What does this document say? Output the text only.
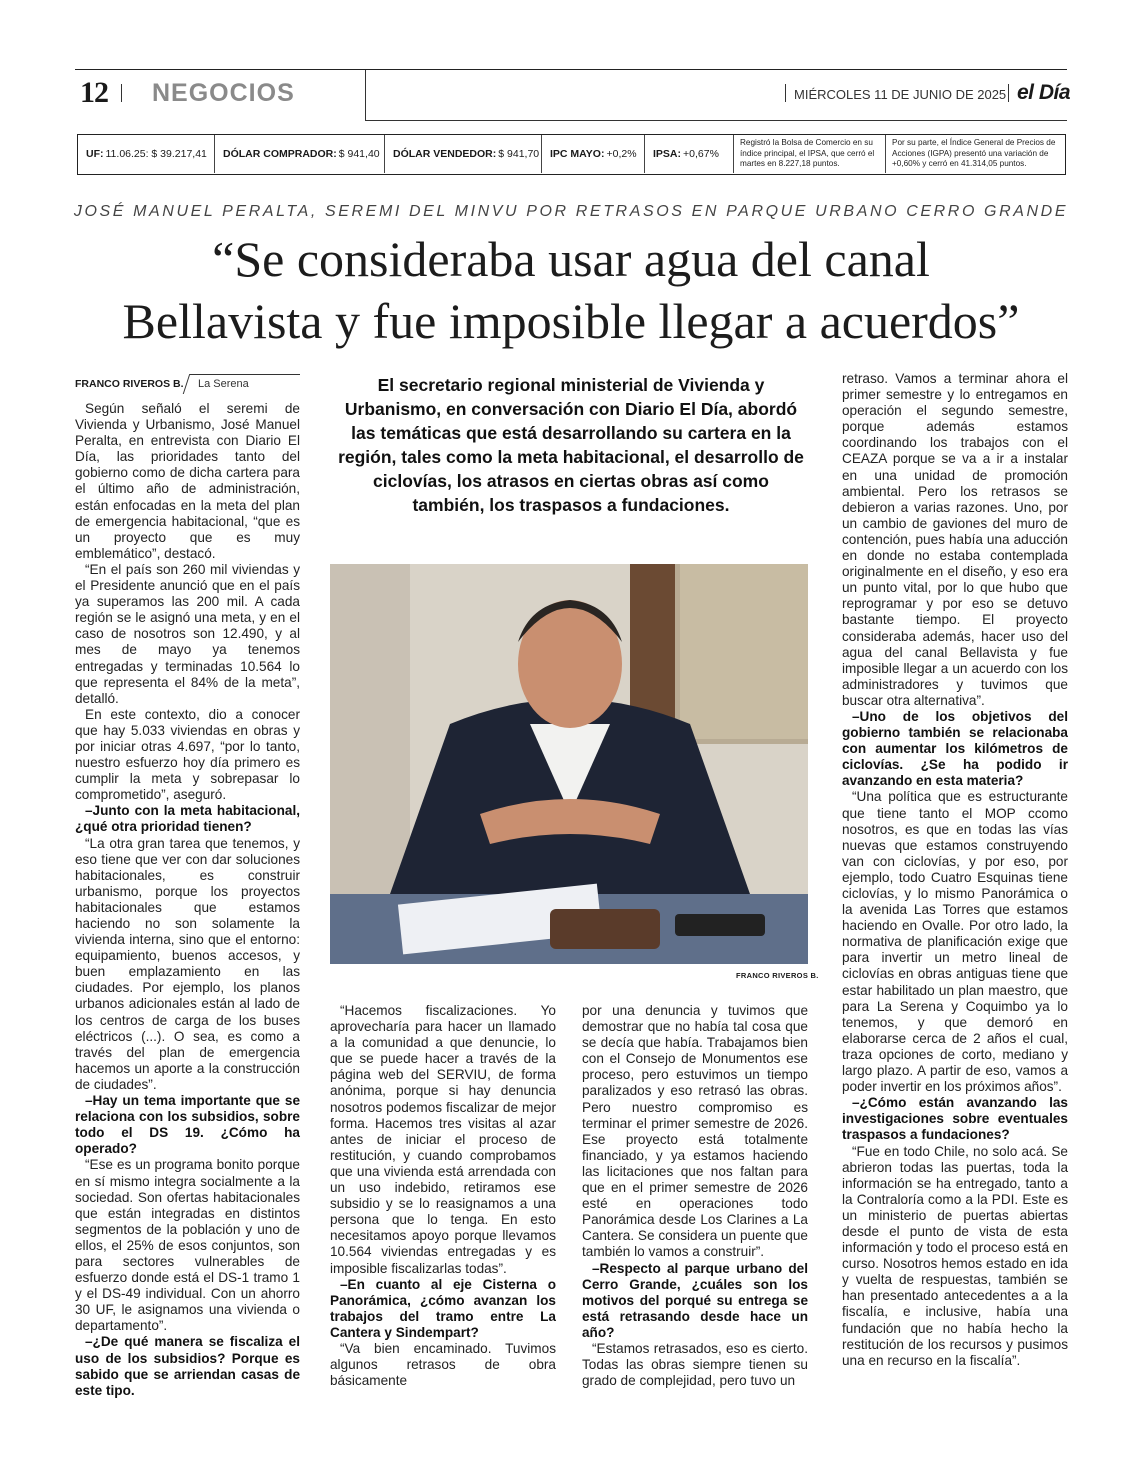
12 NEGOCIOS	MIÉRCOLES 11 DE JUNIO DE 2025 el Día
UF: 11.06.25: $ 39.217,41 DÓLAR COMPRADOR: $ 941,40 DÓLAR VENDEDOR: $ 941,70 IPC MAYO: +0,2% IPSA: +0,67%
Registró la Bolsa de Comercio en su índice principal, el IPSA, que cerró el martes en 8.227,18 puntos.
Por su parte, el Índice General de Precios de Acciones (IGPA) presentó una variación de +0,60% y cerró en 41.314,05 puntos.
JOSÉ MANUEL PERALTA, SEREMI DEL MINVU POR RETRASOS EN PARQUE URBANO CERRO GRANDE
“Se consideraba usar agua del canal
Bellavista y fue imposible llegar a acuerdos”
FRANCO RIVEROS B. La Serena	El secretario regional ministerial de Vivienda y Urbanismo, en conversación con Diario El Día, abordó las temáticas que está desarrollando su cartera en la región, tales como la meta habitacional, el desarrollo de ciclovías, los atrasos en ciertas obras así como también, los traspasos a fundaciones.
FRANCO RIVEROS B.

Según señaló el seremi de Vivienda y Urbanismo, José Manuel Peralta, en entrevista con Diario El Día, las prioridades tanto del gobierno como de dicha cartera para el último año de administración, están enfocadas en la meta del plan de emergencia habitacional, “que es un proyecto que es muy emblemático”, destacó.

“En el país son 260 mil viviendas y el Presidente anunció que en el país ya superamos las 200 mil. A cada región se le asignó una meta, y en el caso de nosotros son 12.490, y al mes de mayo ya tenemos entregadas y terminadas 10.564 lo que representa el 84% de la meta”, detalló.

En este contexto, dio a conocer que hay 5.033 viviendas en obras y por iniciar otras 4.697, “por lo tanto, nuestro esfuerzo hoy día primero es cumplir la meta y sobrepasar lo comprometido”, aseguró.

–Junto con la meta habitacional, ¿qué otra prioridad tienen?

“La otra gran tarea que tenemos, y eso tiene que ver con dar soluciones habitacionales, es construir urbanismo, porque los proyectos habitacionales que estamos haciendo no son solamente la vivienda interna, sino que el entorno: equipamiento, buenos accesos, y buen emplazamiento en las ciudades. Por ejemplo, los planos urbanos adicionales están al lado de los centros de carga de los buses eléctricos (...). O sea, es como a través del plan de emergencia hacemos un aporte a la construcción de ciudades”.

–Hay un tema importante que se relaciona con los subsidios, sobre todo el DS 19. ¿Cómo ha operado?

“Ese es un programa bonito porque en sí mismo integra socialmente a la sociedad. Son ofertas habitacionales que están integradas en distintos segmentos de la población y uno de ellos, el 25% de esos conjuntos, son para sectores vulnerables de esfuerzo donde está el DS-1 tramo 1 y el DS-49 individual. Con un ahorro 30 UF, le asignamos una vivienda o departamento”.

–¿De qué manera se fiscaliza el uso de los subsidios? Porque es sabido que se arriendan casas de este tipo.

“Hacemos fiscalizaciones. Yo aprovecharía para hacer un llamado a la comunidad a que denuncie, lo que se puede hacer a través de la página web del SERVIU, de forma anónima, porque si hay denuncia nosotros podemos fiscalizar de mejor forma. Hacemos tres visitas al azar antes de iniciar el proceso de restitución, y cuando comprobamos que una vivienda está arrendada con un uso indebido, retiramos ese subsidio y se lo reasignamos a una persona que lo tenga. En esto necesitamos apoyo porque llevamos 10.564 viviendas entregadas y es imposible fiscalizarlas todas”.

–En cuanto al eje Cisterna o Panorámica, ¿cómo avanzan los trabajos del tramo entre La Cantera y Sindempart?

“Va bien encaminado. Tuvimos algunos retrasos de obra básicamente

por una denuncia y tuvimos que demostrar que no había tal cosa que se decía que había. Trabajamos bien con el Consejo de Monumentos ese proceso, pero estuvimos un tiempo paralizados y eso retrasó las obras. Pero nuestro compromiso es terminar el primer semestre de 2026. Ese proyecto está totalmente financiado, y ya estamos haciendo las licitaciones que nos faltan para que en el primer semestre de 2026 esté en operaciones todo Panorámica desde Los Clarines a La Cantera. Se considera un puente que también lo vamos a construir”.

–Respecto al parque urbano del Cerro Grande, ¿cuáles son los motivos del porqué su entrega se está retrasando desde hace un año?

“Estamos retrasados, eso es cierto. Todas las obras siempre tienen su grado de complejidad, pero tuvo un

retraso. Vamos a terminar ahora el primer semestre y lo entregamos en operación el segundo semestre, porque además estamos coordinando los trabajos con el CEAZA porque se va a ir a instalar en una unidad de promoción ambiental. Pero los retrasos se debieron a varias razones. Uno, por un cambio de gaviones del muro de contención, pues había una aducción en donde no estaba contemplada originalmente en el diseño, y eso era un punto vital, por lo que hubo que reprogramar y por eso se detuvo bastante tiempo. El proyecto consideraba además, hacer uso del agua del canal Bellavista y fue imposible llegar a un acuerdo con los administradores y tuvimos que buscar otra alternativa”.

–Uno de los objetivos del gobierno también se relacionaba con aumentar los kilómetros de ciclovías. ¿Se ha podido ir avanzando en esta materia?

“Una política que es estructurante que tiene tanto el MOP ccomo nosotros, es que en todas las vías nuevas que estamos construyendo van con ciclovías, y por eso, por ejemplo, todo Cuatro Esquinas tiene ciclovías, y lo mismo Panorámica o la avenida Las Torres que estamos haciendo en Ovalle. Por otro lado, la normativa de planificación exige que para invertir un metro lineal de ciclovías en obras antiguas tiene que estar habilitado un plan maestro, que para La Serena y Coquimbo ya lo tenemos, y que demoró en elaborarse cerca de 2 años el cual, traza opciones de corto, mediano y largo plazo. A partir de eso, vamos a poder invertir en los próximos años”.

–¿Cómo están avanzando las investigaciones sobre eventuales traspasos a fundaciones?

“Fue en todo Chile, no solo acá. Se abrieron todas las puertas, toda la información se ha entregado, tanto a la Contraloría como a la PDI. Este es un ministerio de puertas abiertas desde el punto de vista de esta información y todo el proceso está en curso. Nosotros hemos estado en ida y vuelta de respuestas, también se han presentado antecedentes a a la fiscalía, e inclusive, había una fundación que no había hecho la restitución de los recursos y pusimos una en recurso en la fiscalía”.
